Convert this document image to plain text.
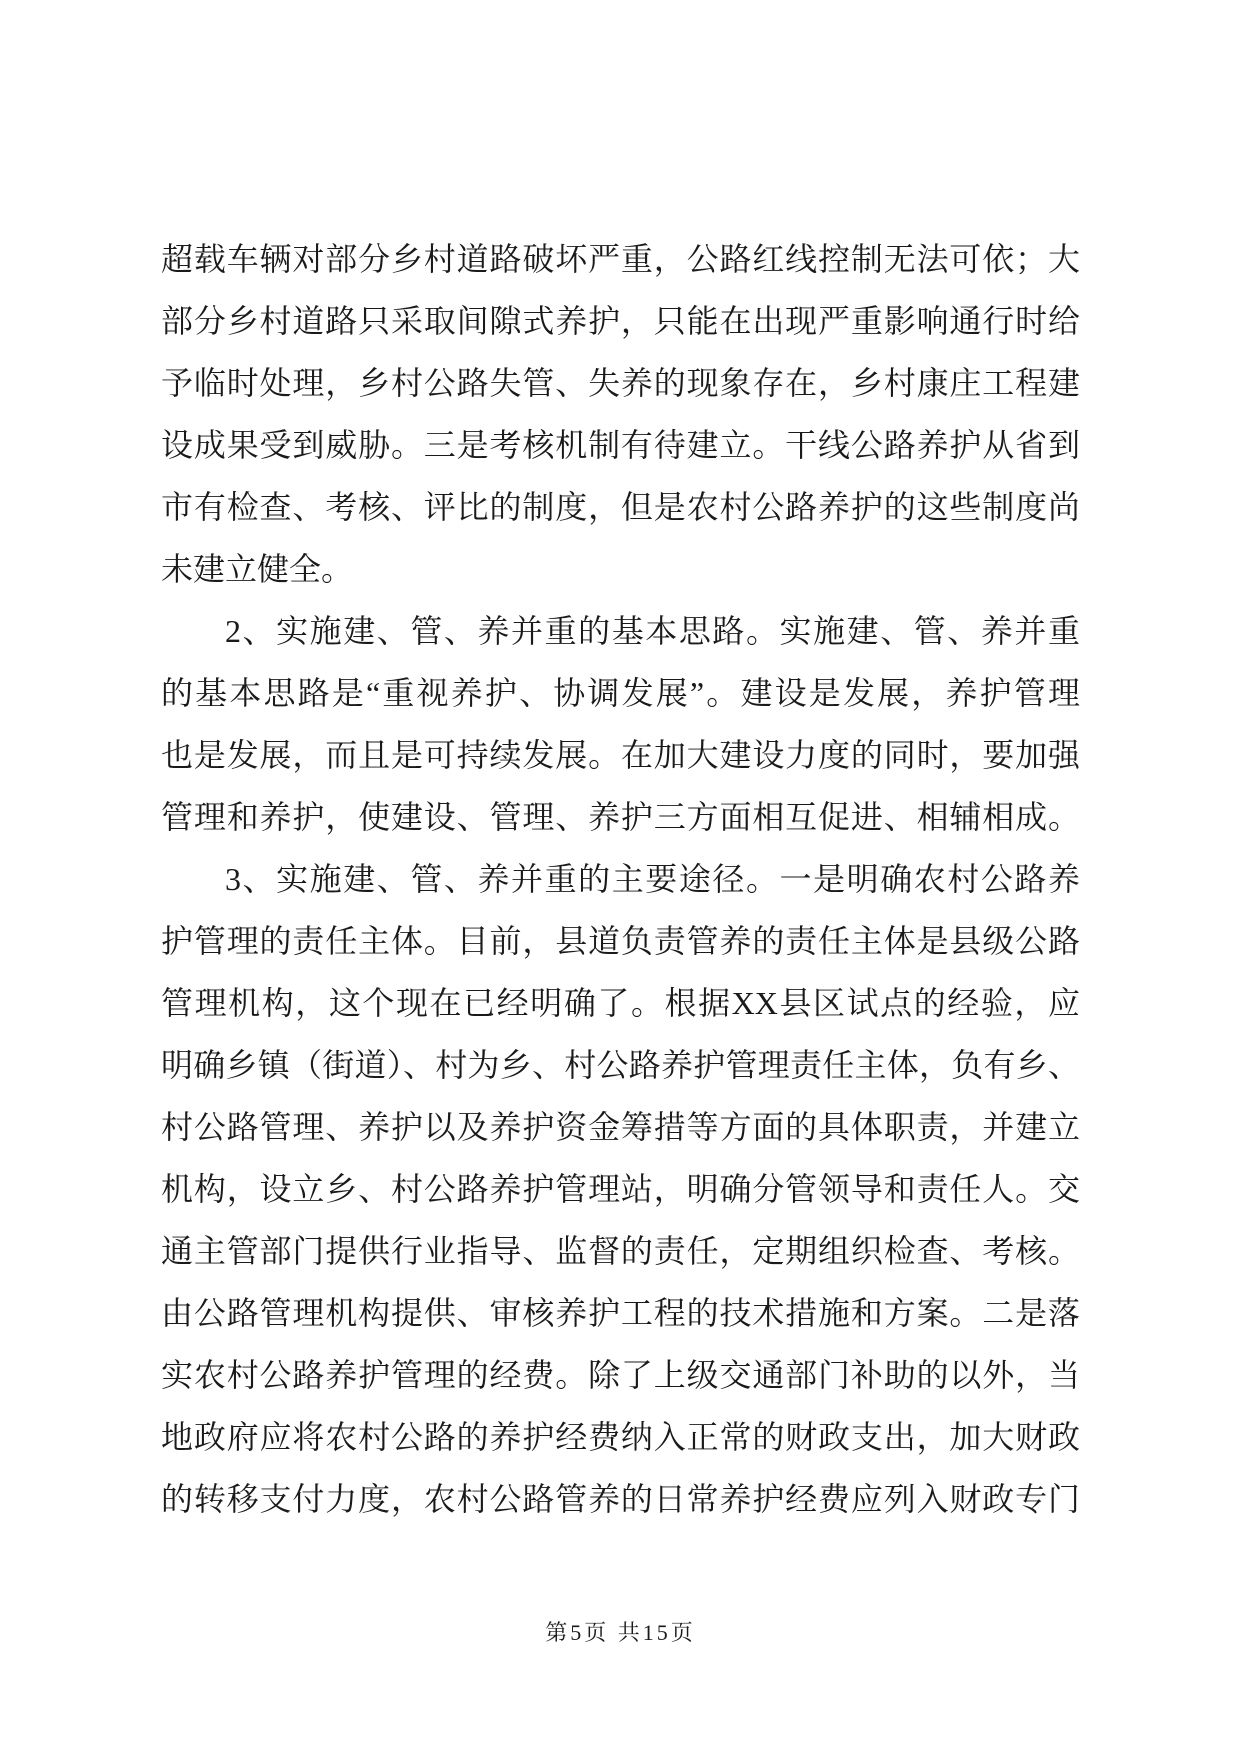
超载车辆对部分乡村道路破坏严重，公路红线控制无法可依；大
部分乡村道路只采取间隙式养护，只能在出现严重影响通行时给
予临时处理，乡村公路失管、失养的现象存在，乡村康庄工程建
设成果受到威胁。三是考核机制有待建立。干线公路养护从省到
市有检查、考核、评比的制度，但是农村公路养护的这些制度尚
未建立健全。
2、实施建、管、养并重的基本思路。实施建、管、养并重
的基本思路是“重视养护、协调发展”。建设是发展，养护管理
也是发展，而且是可持续发展。在加大建设力度的同时，要加强
管理和养护，使建设、管理、养护三方面相互促进、相辅相成。
3、实施建、管、养并重的主要途径。一是明确农村公路养
护管理的责任主体。目前，县道负责管养的责任主体是县级公路
管理机构，这个现在已经明确了。根据XX县区试点的经验，应
明确乡镇（街道）、村为乡、村公路养护管理责任主体，负有乡、
村公路管理、养护以及养护资金筹措等方面的具体职责，并建立
机构，设立乡、村公路养护管理站，明确分管领导和责任人。交
通主管部门提供行业指导、监督的责任，定期组织检查、考核。
由公路管理机构提供、审核养护工程的技术措施和方案。二是落
实农村公路养护管理的经费。除了上级交通部门补助的以外，当
地政府应将农村公路的养护经费纳入正常的财政支出，加大财政
的转移支付力度，农村公路管养的日常养护经费应列入财政专门
第5页 共15页
